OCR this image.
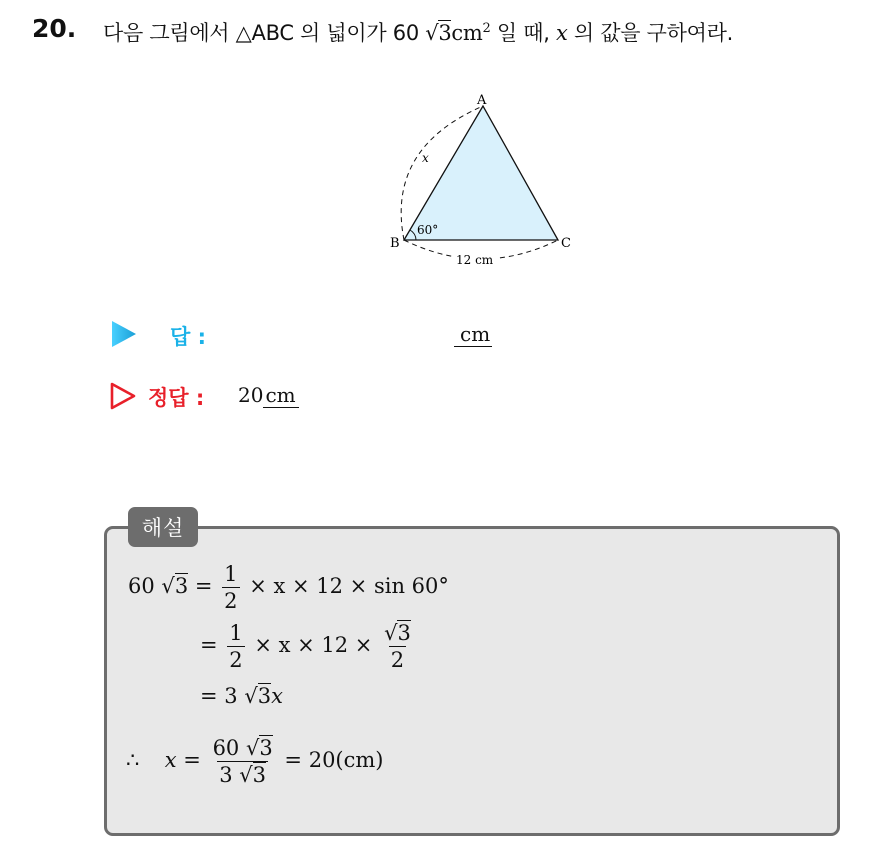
20. 다음 그림에서 △ABC 의 넓이가 60 $√3cm^2$ 일 때, x 의 값을 구하여라.
A
B	C
x
60°
12 cm
답 :	cm
정답 : 20 cm
해설
60 $√3 = \frac{1}{2} \times x \times 12 \times \sin 60^\circ$
= $\frac{1}{2} \times x \times 12 \times \frac{√3}{2}$
= 3 √3x
∴ $x = \frac{60 √3}{3 √3} = 20(cm)$
